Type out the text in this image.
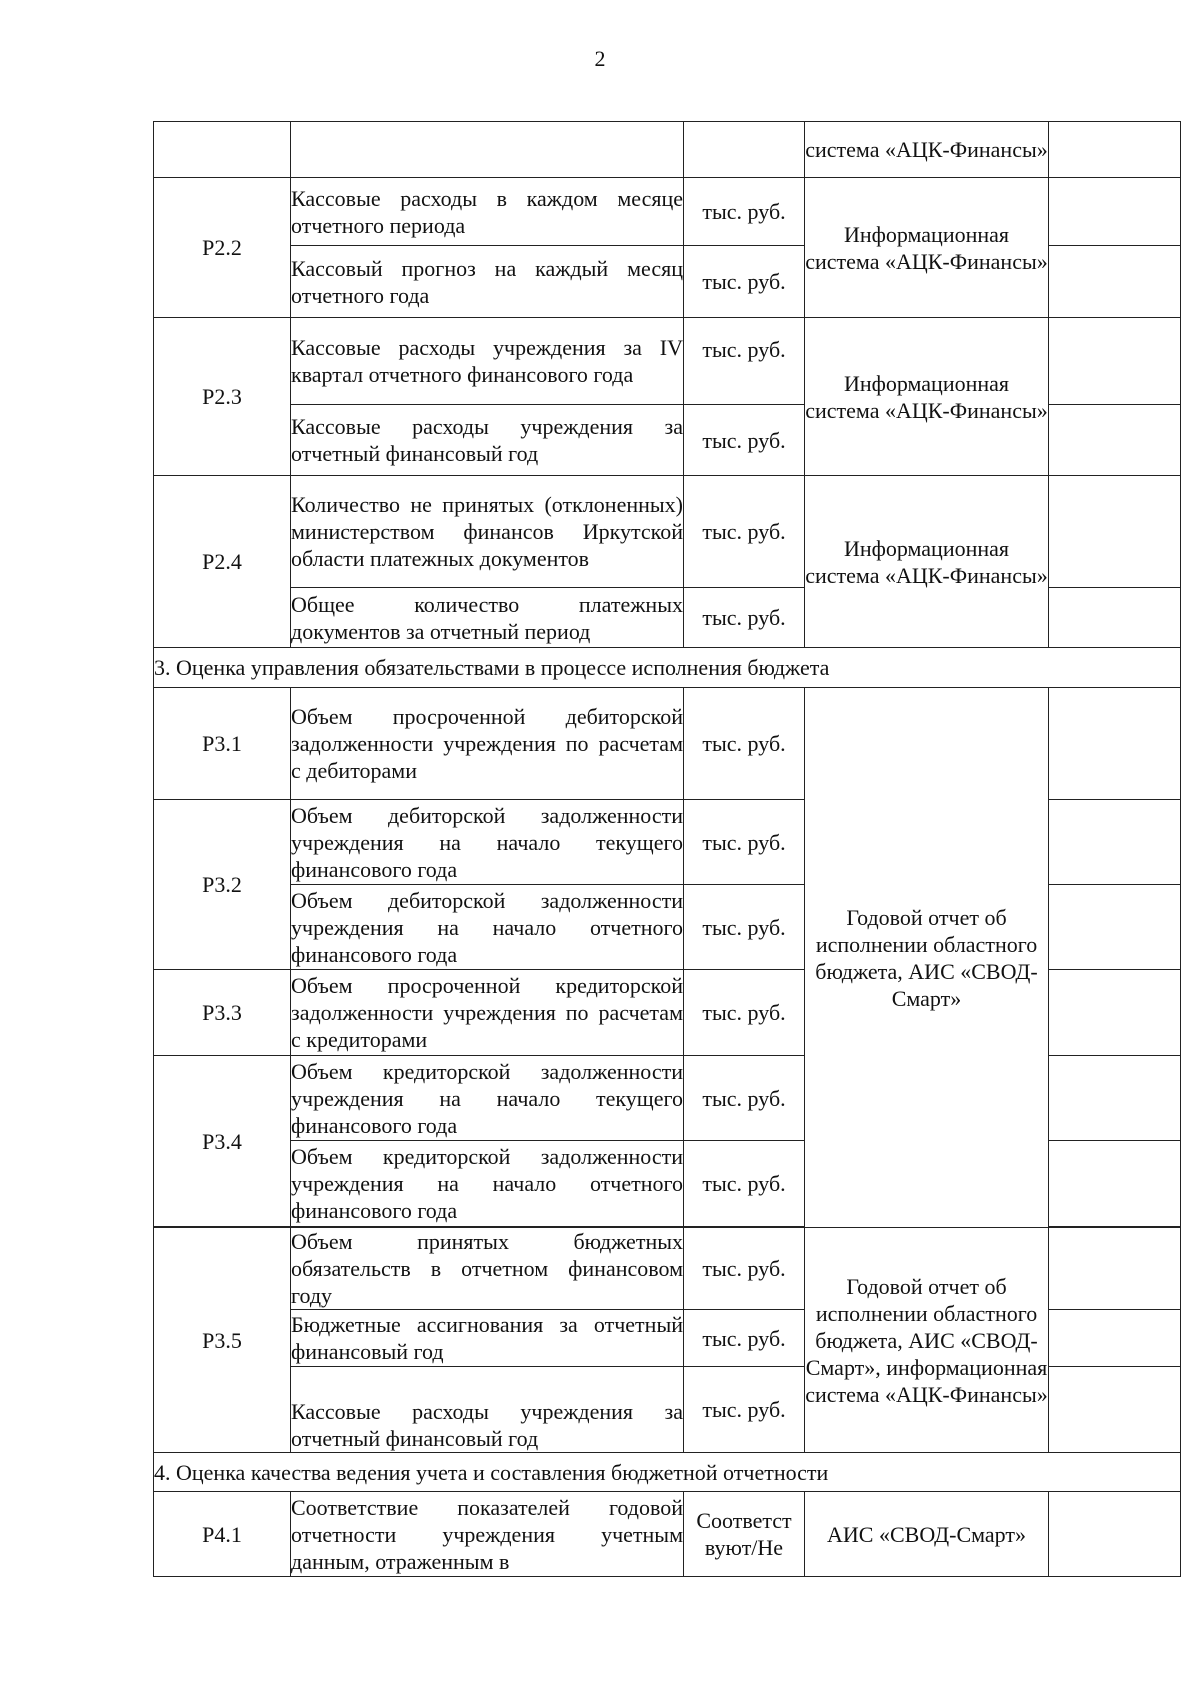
2

			система «АЦК-Финансы»	

Р2.2	Кассовые расходы в каждом месяце отчетного периода	тыс. руб.	Информационная система «АЦК-Финансы»	
	Кассовый прогноз на каждый месяц отчетного года	тыс. руб.		
Р2.3	Кассовые расходы учреждения за IV квартал отчетного финансового года	тыс. руб.	Информационная система «АЦК-Финансы»	
	Кассовые расходы учреждения за отчетный финансовый год	тыс. руб.		
Р2.4	Количество не принятых (отклоненных) министерством финансов Иркутской области платежных документов	тыс. руб.	Информационная система «АЦК-Финансы»	
	Общее количество платежных документов за отчетный период	тыс. руб.		
3. Оценка управления обязательствами в процессе исполнения бюджета				
Р3.1	Объем просроченной дебиторской задолженности учреждения по расчетам с дебиторами	тыс. руб.	Годовой отчет об исполнении областного бюджета, АИС «СВОД-Смарт»	
Р3.2	Объем дебиторской задолженности учреждения на начало текущего финансового года	тыс. руб.		
	Объем дебиторской задолженности учреждения на начало отчетного финансового года	тыс. руб.		
Р3.3	Объем просроченной кредиторской задолженности учреждения по расчетам с кредиторами	тыс. руб.		
Р3.4	Объем кредиторской задолженности учреждения на начало текущего финансового года	тыс. руб.		
	Объем кредиторской задолженности учреждения на начало отчетного финансового года	тыс. руб.		

Р3.5	Объем принятых бюджетных обязательств в отчетном финансовом году	тыс. руб.	Годовой отчет об исполнении областного бюджета, АИС «СВОД-Смарт», информационная система «АЦК-Финансы»	
	Бюджетные ассигнования за отчетный финансовый год	тыс. руб.		
	Кассовые расходы учреждения за отчетный финансовый год	тыс. руб.		
4. Оценка качества ведения учета и составления бюджетной отчетности				
Р4.1	Соответствие показателей годовой отчетности учреждения учетным данным, отраженным в	Соответствуют/Не	АИС «СВОД-Смарт»	
